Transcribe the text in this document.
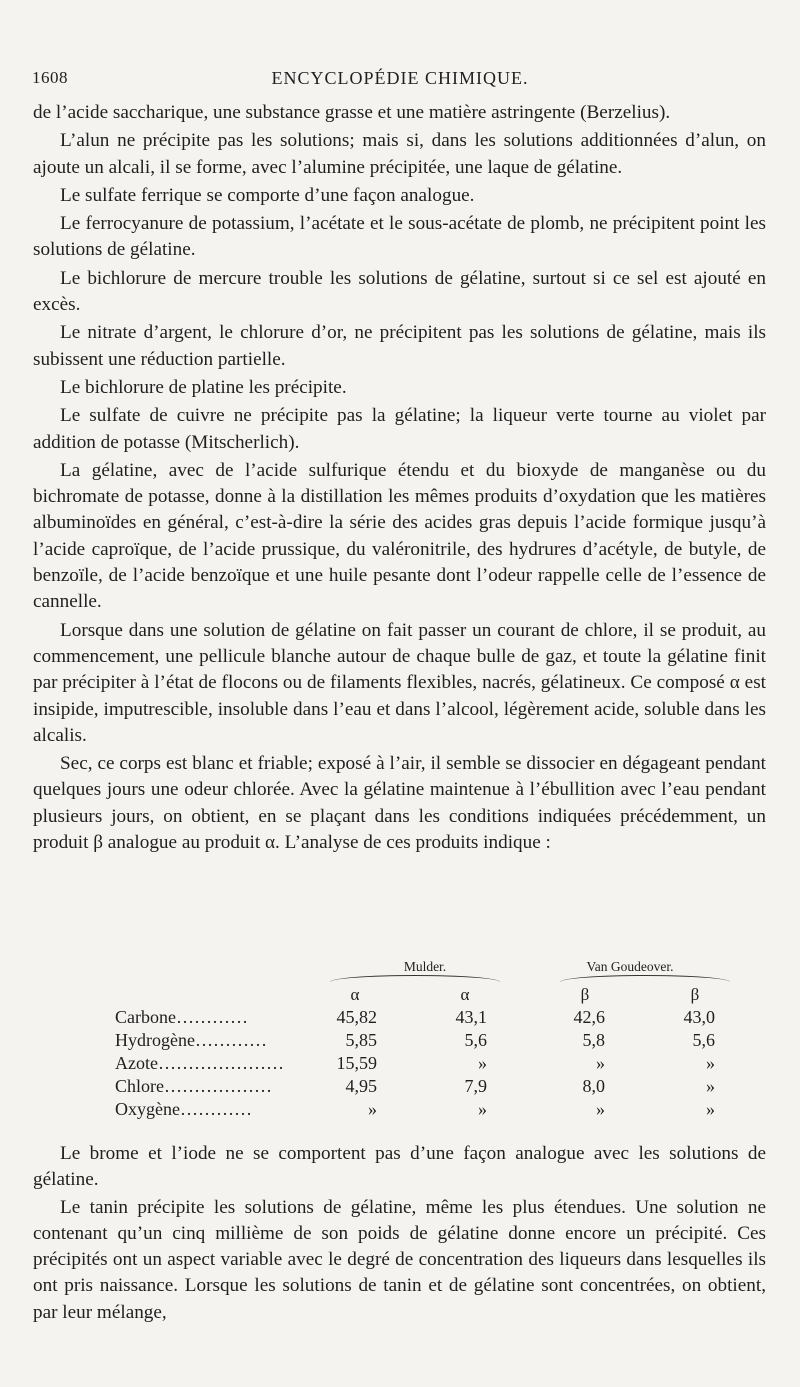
1608	ENCYCLOPÉDIE CHIMIQUE.

de l’acide saccharique, une substance grasse et une matière astringente (Berzelius).

L’alun ne précipite pas les solutions; mais si, dans les solutions additionnées d’alun, on ajoute un alcali, il se forme, avec l’alumine précipitée, une laque de gélatine.

Le sulfate ferrique se comporte d’une façon analogue.

Le ferrocyanure de potassium, l’acétate et le sous-acétate de plomb, ne précipitent point les solutions de gélatine.

Le bichlorure de mercure trouble les solutions de gélatine, surtout si ce sel est ajouté en excès.

Le nitrate d’argent, le chlorure d’or, ne précipitent pas les solutions de gélatine, mais ils subissent une réduction partielle.

Le bichlorure de platine les précipite.

Le sulfate de cuivre ne précipite pas la gélatine; la liqueur verte tourne au violet par addition de potasse (Mitscherlich).

La gélatine, avec de l’acide sulfurique étendu et du bioxyde de manganèse ou du bichromate de potasse, donne à la distillation les mêmes produits d’oxydation que les matières albuminoïdes en général, c’est-à-dire la série des acides gras depuis l’acide formique jusqu’à l’acide caproïque, de l’acide prussique, du valéronitrile, des hydrures d’acétyle, de butyle, de benzoïle, de l’acide benzoïque et une huile pesante dont l’odeur rappelle celle de l’essence de cannelle.

Lorsque dans une solution de gélatine on fait passer un courant de chlore, il se produit, au commencement, une pellicule blanche autour de chaque bulle de gaz, et toute la gélatine finit par précipiter à l’état de flocons ou de filaments flexibles, nacrés, gélatineux. Ce composé α est insipide, imputrescible, insoluble dans l’eau et dans l’alcool, légèrement acide, soluble dans les alcalis.

Sec, ce corps est blanc et friable; exposé à l’air, il semble se dissocier en dégageant pendant quelques jours une odeur chlorée. Avec la gélatine maintenue à l’ébullition avec l’eau pendant plusieurs jours, on obtient, en se plaçant dans les conditions indiquées précédemment, un produit β analogue au produit α. L’analyse de ces produits indique :

Mulder.	Van Goudeover.
α	α	β	β
Carbone…………	45,82	43,1	42,6	43,0
Hydrogène…………	5,85	5,6	5,8	5,6
Azote…………………	15,59	»	»	»
Chlore………………	4,95	7,9	8,0	»
Oxygène…………	»	»	»	»

Le brome et l’iode ne se comportent pas d’une façon analogue avec les solutions de gélatine.

Le tanin précipite les solutions de gélatine, même les plus étendues. Une solution ne contenant qu’un cinq millième de son poids de gélatine donne encore un précipité. Ces précipités ont un aspect variable avec le degré de concentration des liqueurs dans lesquelles ils ont pris naissance. Lorsque les solutions de tanin et de gélatine sont concentrées, on obtient, par leur mélange,
